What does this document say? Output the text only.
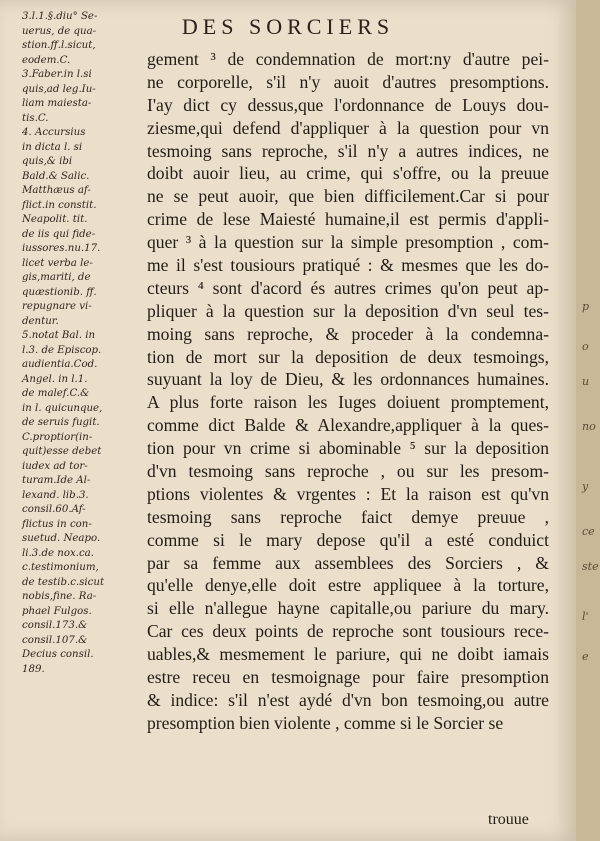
DES SORCIERS
3.l.1.§.diu° Se-
uerus, de qua-
stion.ff.l.sicut,
eodem.C.
3.Faber.in l.si
quis,ad leg.Iu-
liam maiesta-
tis.C.
4. Accursius
in dicta l. si
quis,& ibi
Bald.& Salic.
Matthæus af-
flict.in constit.
Neapolit. tit.
de iis qui fide-
iussores.nu.17.
licet verba le-
gis,mariti, de
quæstionib. ff.
repugnare vi-
dentur.
5.notat Bal. in
l.3. de Episcop.
audientia.Cod.
Angel. in l.1.
de malef.C.&
in l. quicunque,
de seruis fugit.
C.proptior(in-
quit)esse debet
iudex ad tor-
turam.Ide Al-
lexand. lib.3.
consil.60.Af-
flictus in con-
suetud. Neapo.
li.3.de nox.ca.
c.testimonium,
de testib.c.sicut
nobis,fine. Ra-
phael Fulgos.
consil.173.&
consil.107.&
Decius consil.
189.
gement ³ de condemnation de mort:ny d'autre pei-
ne corporelle, s'il n'y auoit d'autres presomptions.
I'ay dict cy dessus,que l'ordonnance de Louys dou-
ziesme,qui defend d'appliquer à la question pour vn
tesmoing sans reproche, s'il n'y a autres indices, ne
doibt auoir lieu, au crime, qui s'offre, ou la preuue
ne se peut auoir, que bien difficilement.Car si pour
crime de lese Maiesté humaine,il est permis d'appli-
quer ³ à la question sur la simple presomption , com-
me il s'est tousiours pratiqué : & mesmes que les do-
cteurs ⁴ sont d'acord és autres crimes qu'on peut ap-
pliquer à la question sur la deposition d'vn seul tes-
moing sans reproche, & proceder à la condemna-
tion de mort sur la deposition de deux tesmoings,
suyuant la loy de Dieu, & les ordonnances humaines.
A plus forte raison les Iuges doiuent promptement,
comme dict Balde & Alexandre,appliquer à la ques-
tion pour vn crime si abominable ⁵ sur la deposition
d'vn tesmoing sans reproche , ou sur les presom-
ptions violentes & vrgentes : Et la raison est qu'vn
tesmoing sans reproche faict demye preuue ,
comme si le mary depose qu'il a esté conduict
par sa femme aux assemblees des Sorciers , &
qu'elle denye,elle doit estre appliquee à la torture,
si elle n'allegue hayne capitalle,ou pariure du mary.
Car ces deux points de reproche sont tousiours rece-
uables,& mesmement le pariure, qui ne doibt iamais
estre receu en tesmoignage pour faire presomption
& indice: s'il n'est aydé d'vn bon tesmoing,ou autre
presomption bien violente , comme si le Sorcier se
trouue
p
o
u
no
y
ce
ste
l'
e
